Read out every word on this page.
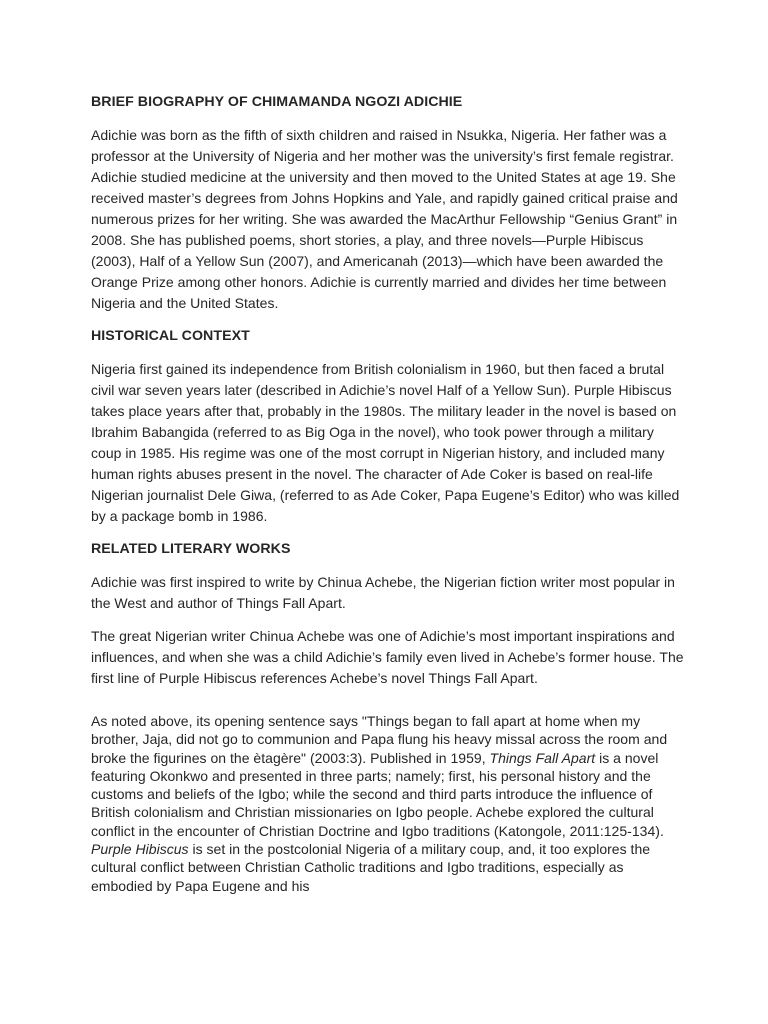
BRIEF BIOGRAPHY OF CHIMAMANDA NGOZI ADICHIE
Adichie was born as the fifth of sixth children and raised in Nsukka, Nigeria. Her father was a professor at the University of Nigeria and her mother was the university’s first female registrar. Adichie studied medicine at the university and then moved to the United States at age 19. She received master’s degrees from Johns Hopkins and Yale, and rapidly gained critical praise and numerous prizes for her writing. She was awarded the MacArthur Fellowship “Genius Grant” in 2008. She has published poems, short stories, a play, and three novels—Purple Hibiscus (2003), Half of a Yellow Sun (2007), and Americanah (2013)—which have been awarded the Orange Prize among other honors. Adichie is currently married and divides her time between Nigeria and the United States.
HISTORICAL CONTEXT
Nigeria first gained its independence from British colonialism in 1960, but then faced a brutal civil war seven years later (described in Adichie’s novel Half of a Yellow Sun). Purple Hibiscus takes place years after that, probably in the 1980s. The military leader in the novel is based on Ibrahim Babangida (referred to as Big Oga in the novel), who took power through a military coup in 1985. His regime was one of the most corrupt in Nigerian history, and included many human rights abuses present in the novel. The character of Ade Coker is based on real-life Nigerian journalist Dele Giwa, (referred to as Ade Coker, Papa Eugene’s Editor) who was killed by a package bomb in 1986.
RELATED LITERARY WORKS
Adichie was first inspired to write by Chinua Achebe, the Nigerian fiction writer most popular in the West and author of Things Fall Apart.
The great Nigerian writer Chinua Achebe was one of Adichie’s most important inspirations and influences, and when she was a child Adichie’s family even lived in Achebe’s former house. The first line of Purple Hibiscus references Achebe’s novel Things Fall Apart.
As noted above, its opening sentence says "Things began to fall apart at home when my brother, Jaja, did not go to communion and Papa flung his heavy missal across the room and broke the figurines on the ètagère" (2003:3). Published in 1959, Things Fall Apart is a novel featuring Okonkwo and presented in three parts; namely; first, his personal history and the customs and beliefs of the Igbo; while the second and third parts introduce the influence of British colonialism and Christian missionaries on Igbo people. Achebe explored the cultural conflict in the encounter of Christian Doctrine and Igbo traditions (Katongole, 2011:125-134). Purple Hibiscus is set in the postcolonial Nigeria of a military coup, and, it too explores the cultural conflict between Christian Catholic traditions and Igbo traditions, especially as embodied by Papa Eugene and his
